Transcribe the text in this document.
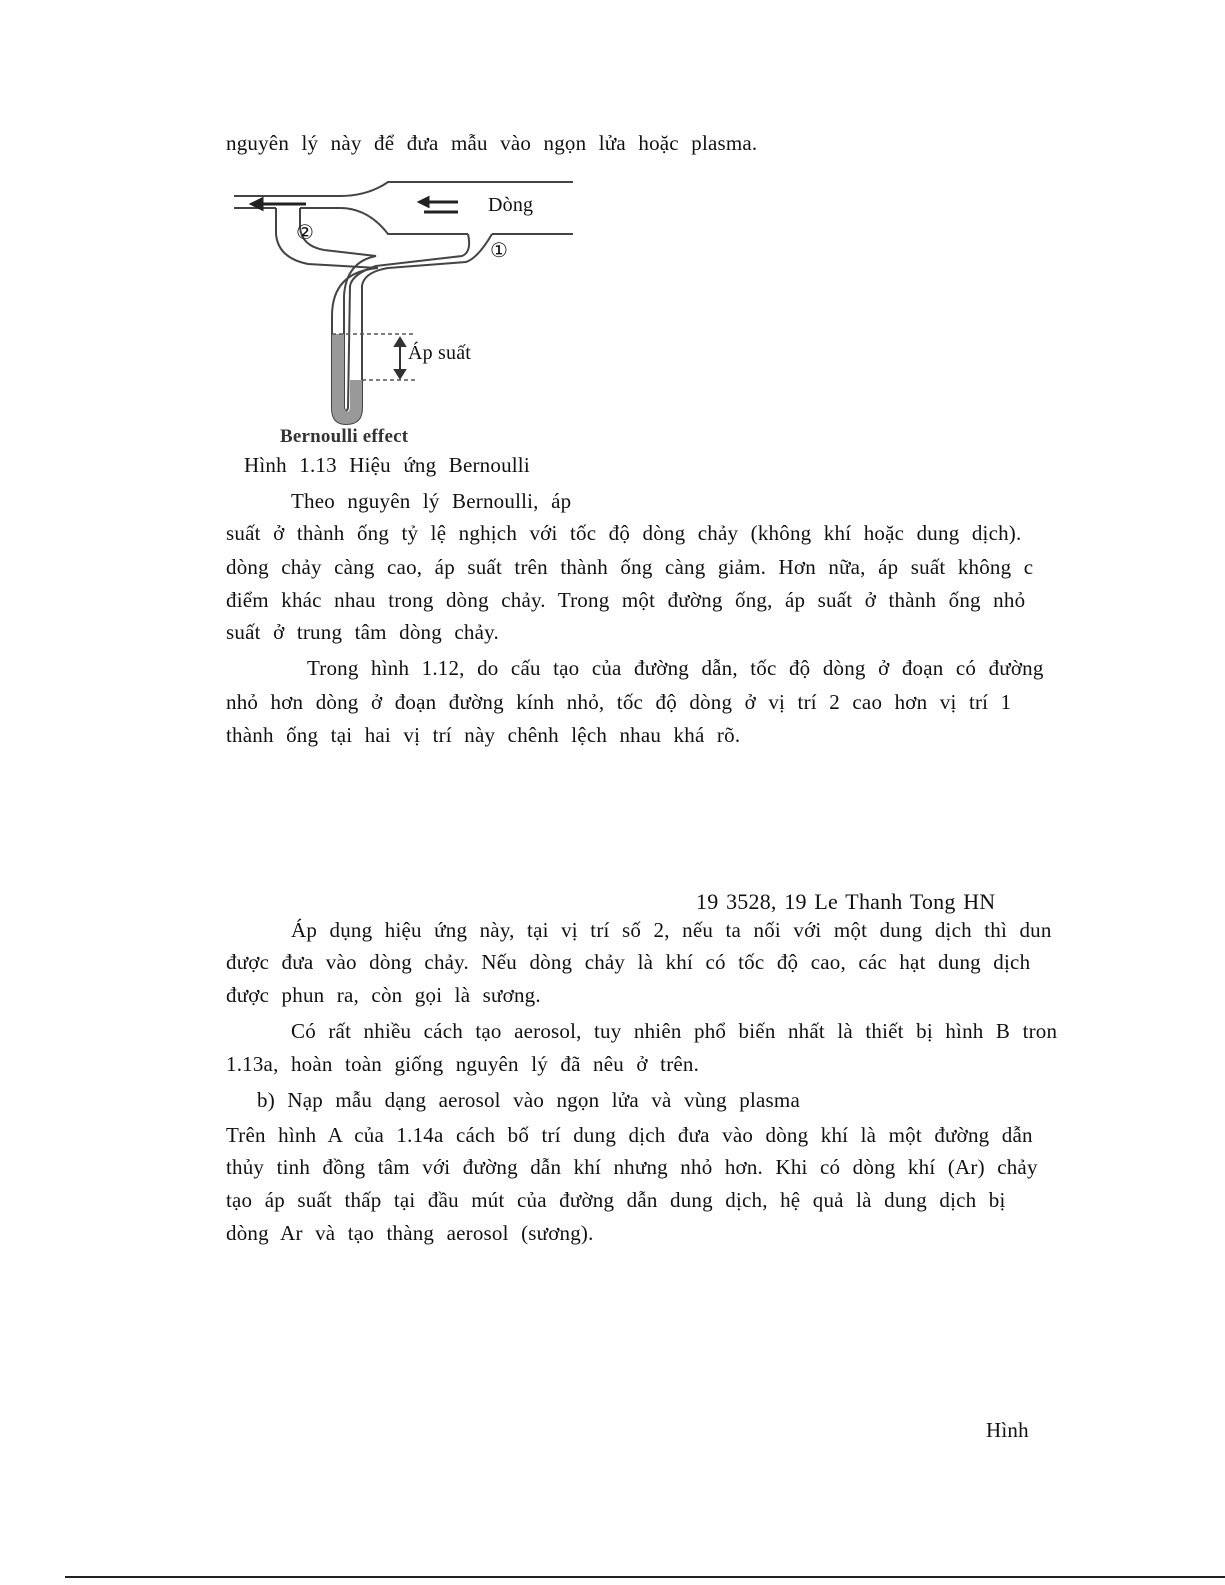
nguyên lý này để đưa mẫu vào ngọn lửa hoặc plasma.
Dòng
②
①
Áp suất
Bernoulli effect
Hình 1.13 Hiệu ứng Bernoulli
Theo nguyên lý Bernoulli, áp
suất ở thành ống tỷ lệ nghịch với tốc độ dòng chảy (không khí hoặc dung dịch).
dòng chảy càng cao, áp suất trên thành ống càng giảm. Hơn nữa, áp suất không c
điểm khác nhau trong dòng chảy. Trong một đường ống, áp suất ở thành ống nhỏ
suất ở trung tâm dòng chảy.
Trong hình 1.12, do cấu tạo của đường dẫn, tốc độ dòng ở đoạn có đường
nhỏ hơn dòng ở đoạn đường kính nhỏ, tốc độ dòng ở vị trí 2 cao hơn vị trí 1
thành ống tại hai vị trí này chênh lệch nhau khá rõ.
19 3528, 19 Le Thanh Tong HN
Áp dụng hiệu ứng này, tại vị trí số 2, nếu ta nối với một dung dịch thì dun
được đưa vào dòng chảy. Nếu dòng chảy là khí có tốc độ cao, các hạt dung dịch
được phun ra, còn gọi là sương.
Có rất nhiều cách tạo aerosol, tuy nhiên phổ biến nhất là thiết bị hình B tron
1.13a, hoàn toàn giống nguyên lý đã nêu ở trên.
b) Nạp mẫu dạng aerosol vào ngọn lửa và vùng plasma
Trên hình A của 1.14a cách bố trí dung dịch đưa vào dòng khí là một đường dẫn
thủy tinh đồng tâm với đường dẫn khí nhưng nhỏ hơn. Khi có dòng khí (Ar) chảy
tạo áp suất thấp tại đầu mút của đường dẫn dung dịch, hệ quả là dung dịch bị
dòng Ar và tạo thàng aerosol (sương).
Hình
